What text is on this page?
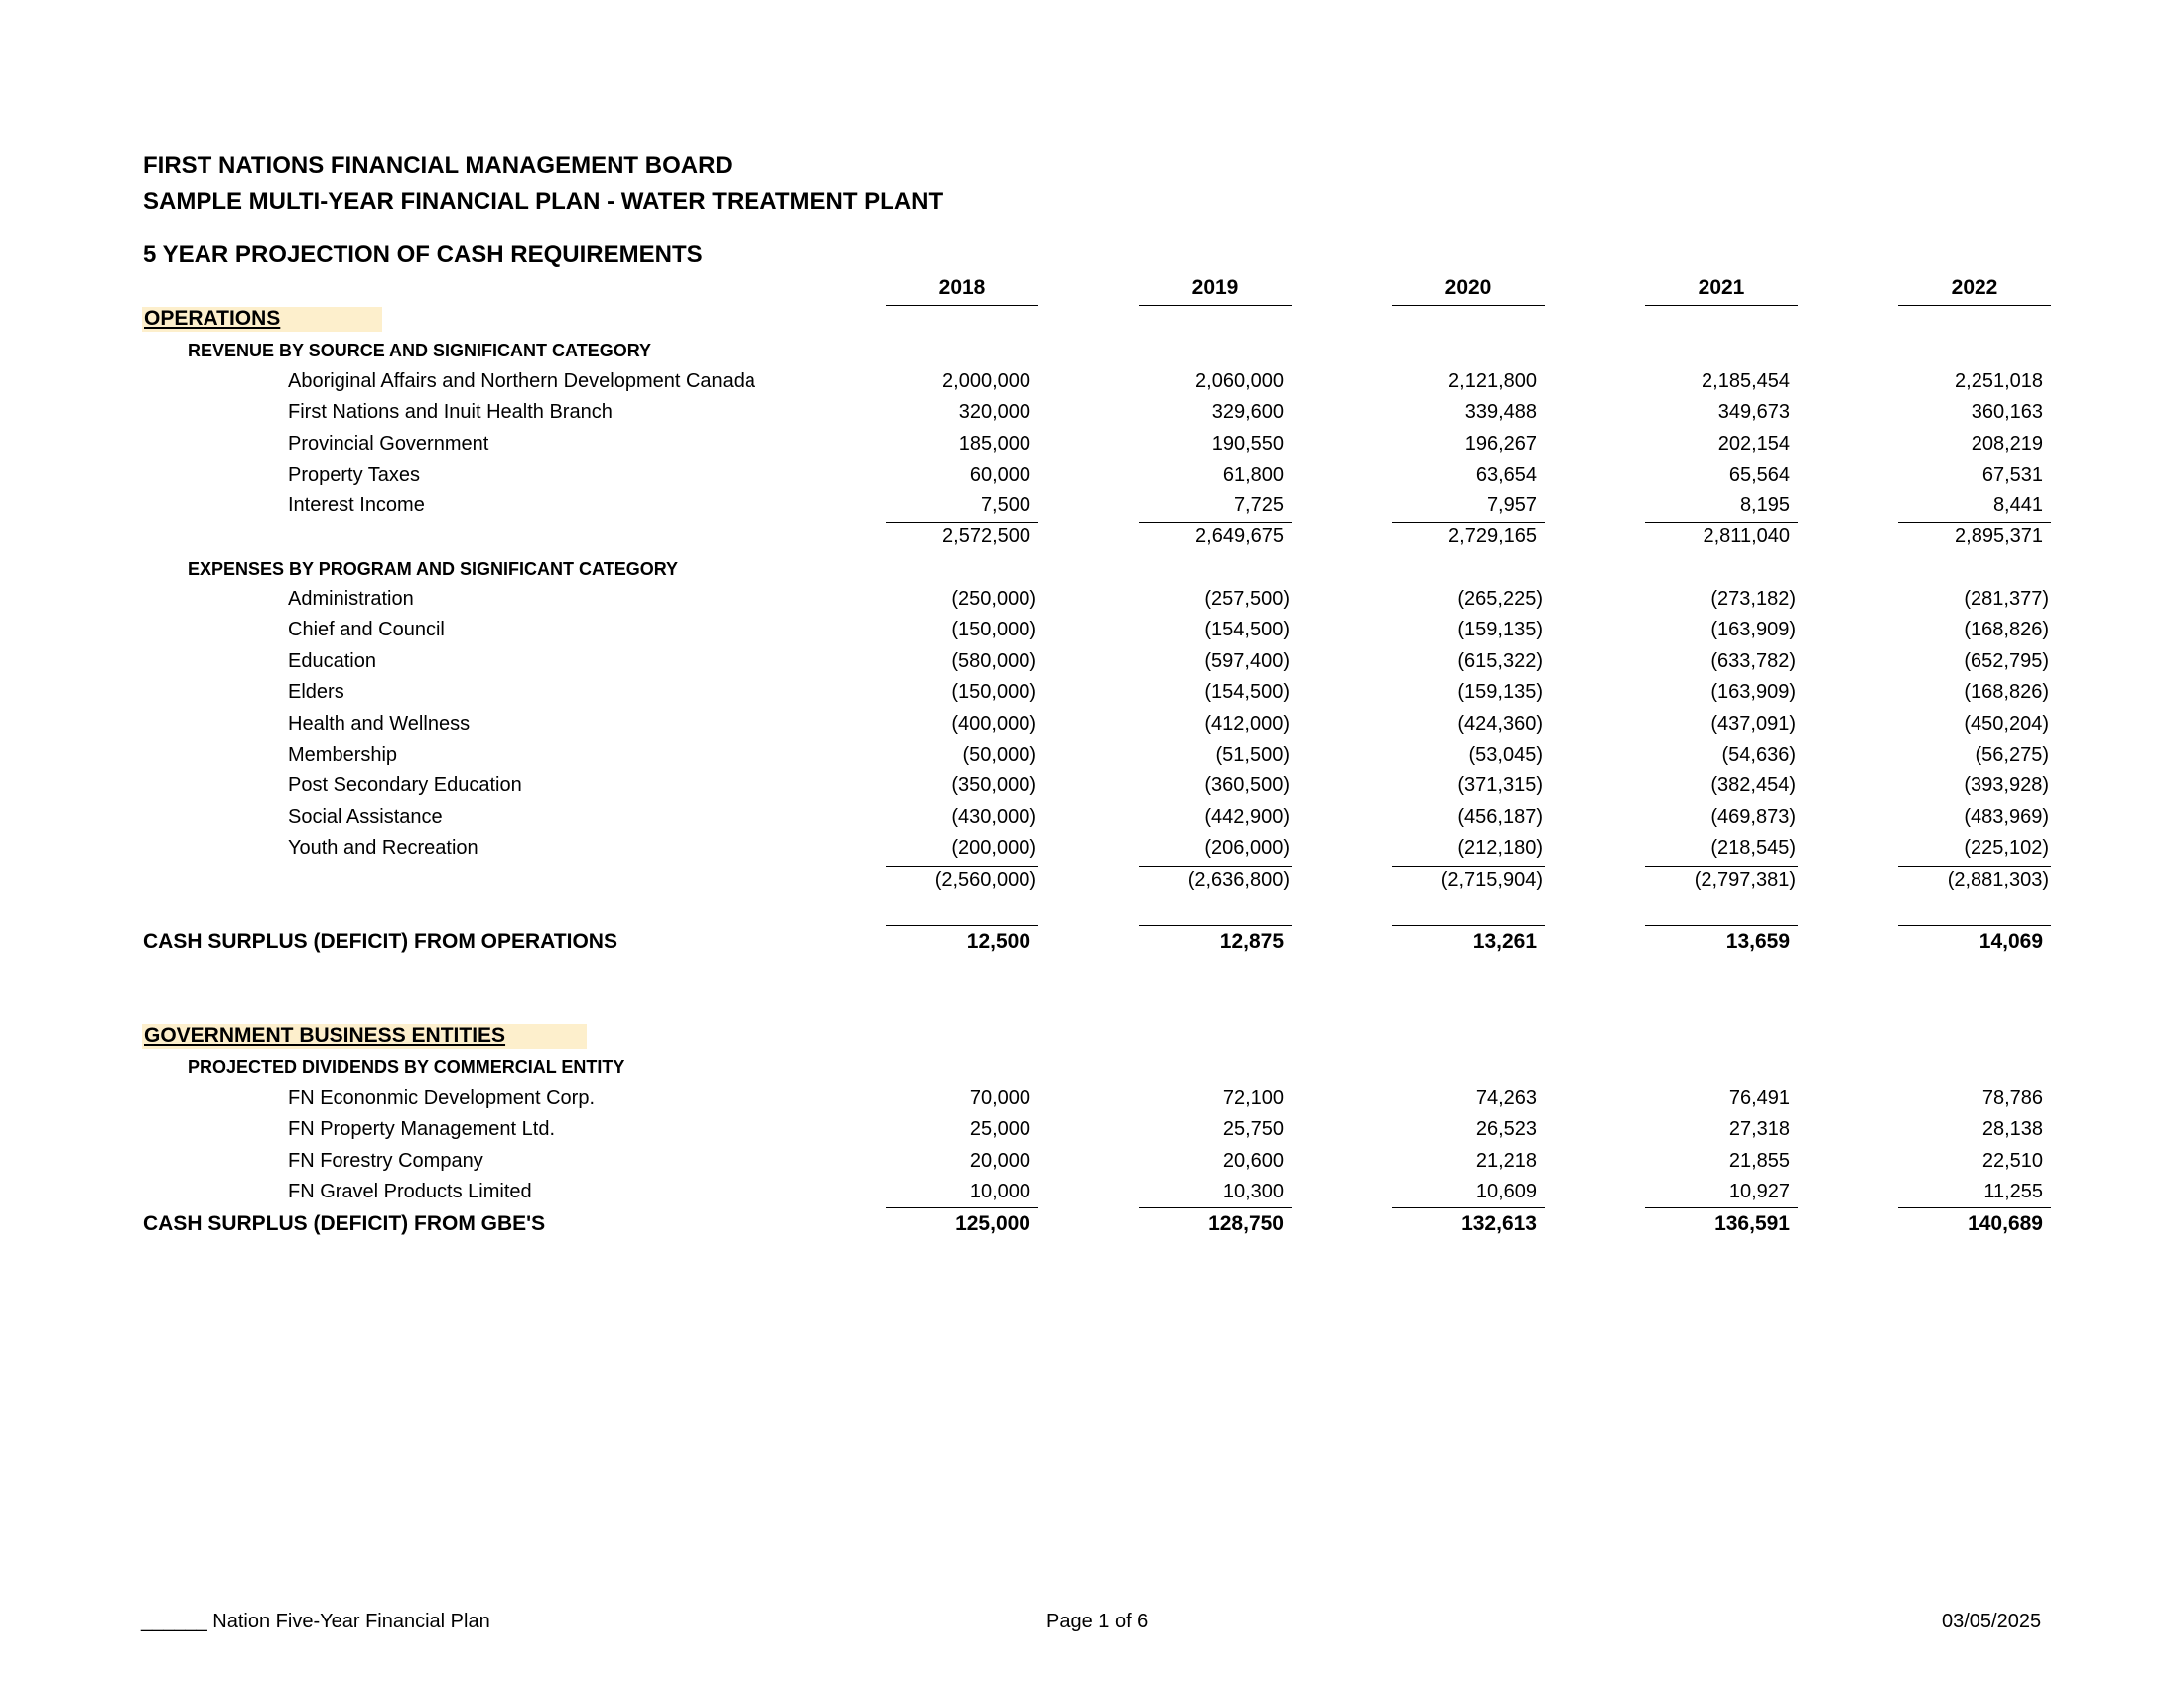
FIRST NATIONS FINANCIAL MANAGEMENT BOARD
SAMPLE MULTI-YEAR FINANCIAL PLAN - WATER TREATMENT PLANT
5 YEAR PROJECTION OF CASH REQUIREMENTS
2018	2019	2020	2021	2022
OPERATIONS
REVENUE BY SOURCE AND SIGNIFICANT CATEGORY
Aboriginal Affairs and Northern Development Canada	2,000,000	2,060,000	2,121,800	2,185,454	2,251,018
First Nations and Inuit Health Branch	320,000	329,600	339,488	349,673	360,163
Provincial Government	185,000	190,550	196,267	202,154	208,219
Property Taxes	60,000	61,800	63,654	65,564	67,531
Interest Income	7,500	7,725	7,957	8,195	8,441
2,572,500	2,649,675	2,729,165	2,811,040	2,895,371
Administration	(250,000)	(257,500)	(265,225)	(273,182)	(281,377)
Chief and Council	(150,000)	(154,500)	(159,135)	(163,909)	(168,826)
Education	(580,000)	(597,400)	(615,322)	(633,782)	(652,795)
Elders	(150,000)	(154,500)	(159,135)	(163,909)	(168,826)
Health and Wellness	(400,000)	(412,000)	(424,360)	(437,091)	(450,204)
Membership	(50,000)	(51,500)	(53,045)	(54,636)	(56,275)
Post Secondary Education	(350,000)	(360,500)	(371,315)	(382,454)	(393,928)
Social Assistance	(430,000)	(442,900)	(456,187)	(469,873)	(483,969)
Youth and Recreation	(200,000)	(206,000)	(212,180)	(218,545)	(225,102)
(2,560,000)	(2,636,800)	(2,715,904)	(2,797,381)	(2,881,303)
EXPENSES BY PROGRAM AND SIGNIFICANT CATEGORY
CASH SURPLUS (DEFICIT) FROM OPERATIONS	12,500	12,875	13,261	13,659	14,069
GOVERNMENT BUSINESS ENTITIES
PROJECTED DIVIDENDS BY COMMERCIAL ENTITY
FN Econonmic Development Corp.	70,000	72,100	74,263	76,491	78,786
FN Property Management Ltd.	25,000	25,750	26,523	27,318	28,138
FN Forestry Company	20,000	20,600	21,218	21,855	22,510
FN Gravel Products Limited	10,000	10,300	10,609	10,927	11,255
CASH SURPLUS (DEFICIT) FROM GBE'S	125,000	128,750	132,613	136,591	140,689
______ Nation Five-Year Financial Plan	Page 1 of 6	03/05/2025
